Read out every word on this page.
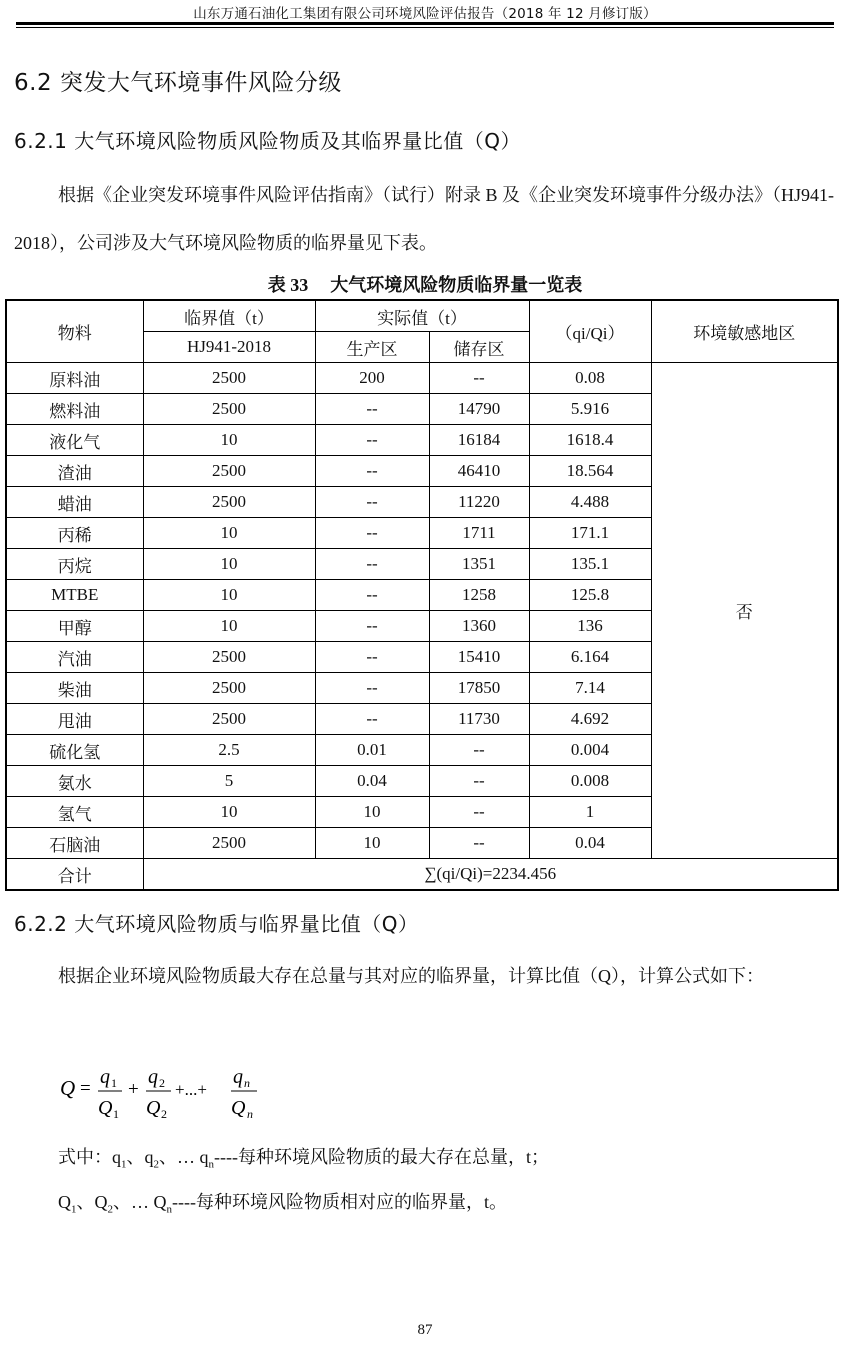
山东万通石油化工集团有限公司环境风险评估报告（2018 年 12 月修订版）
6.2 突发大气环境事件风险分级
6.2.1 大气环境风险物质风险物质及其临界量比值（Q）
根据《企业突发环境事件风险评估指南》（试行）附录 B 及《企业突发环境事件分级办法》（HJ941-2018），公司涉及大气环境风险物质的临界量见下表。
表 33 大气环境风险物质临界量一览表
物料	临界值（t）	实际值（t）		（qi/Qi）	环境敏感地区
	HJ941-2018	生产区	储存区		
原料油	2500	200	--	0.08	否
燃料油	2500	--	14790	5.916	
液化气	10	--	16184	1618.4	
渣油	2500	--	46410	18.564	
蜡油	2500	--	11220	4.488	
丙稀	10	--	1711	171.1	
丙烷	10	--	1351	135.1	
MTBE	10	--	1258	125.8	
甲醇	10	--	1360	136	
汽油	2500	--	15410	6.164	
柴油	2500	--	17850	7.14	
甩油	2500	--	11730	4.692	
硫化氢	2.5	0.01	--	0.004	
氨水	5	0.04	--	0.008	
氢气	10	10	--	1	
石脑油	2500	10	--	0.04	
合计	∑(qi/Qi)=2234.456				
6.2.2 大气环境风险物质与临界量比值（Q）
根据企业环境风险物质最大存在总量与其对应的临界量，计算比值（Q），计算公式如下：
Q =
q 1
Q 1
+
q 2
Q 2
+...+
q n
Q n
式中：$q_1$、$q_2$、… $q_n----$每种环境风险物质的最大存在总量，t；
$Q_1$、$Q_2$、… $Q_n----$每种环境风险物质相对应的临界量，t。
87
